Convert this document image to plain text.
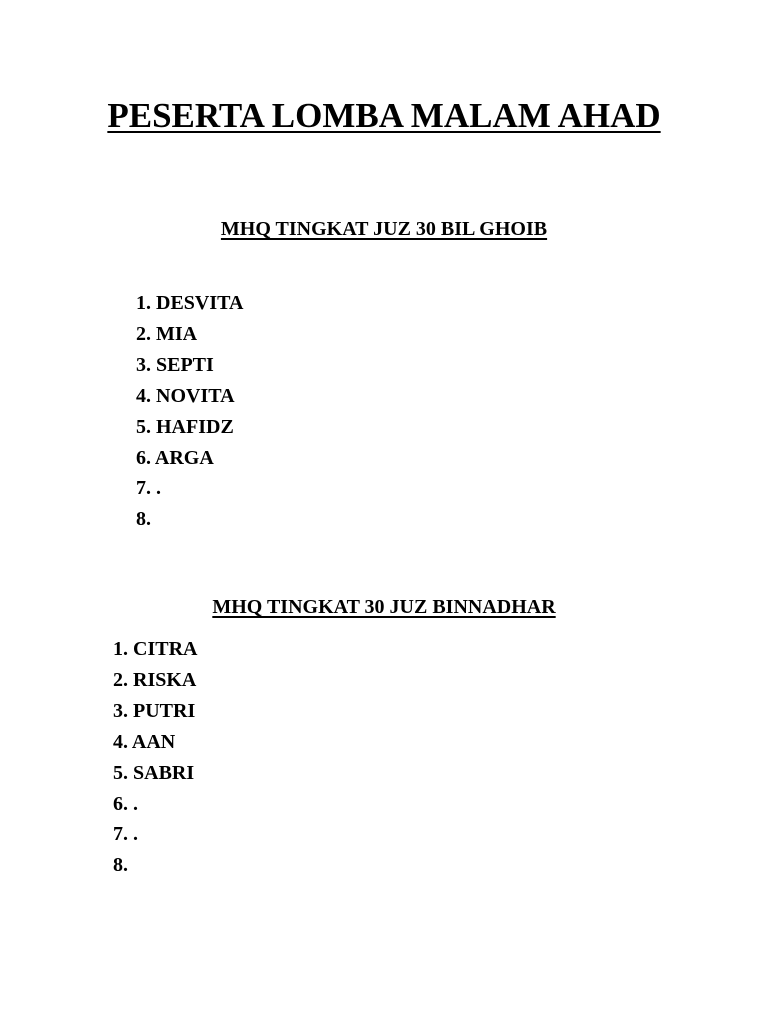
PESERTA LOMBA MALAM AHAD
MHQ TINGKAT JUZ 30 BIL GHOIB
1. DESVITA
2. MIA
3. SEPTI
4. NOVITA
5. HAFIDZ
6. ARGA
7. .
8.
MHQ TINGKAT 30 JUZ BINNADHAR
1. CITRA
2. RISKA
3. PUTRI
4. AAN
5. SABRI
6. .
7. .
8.
